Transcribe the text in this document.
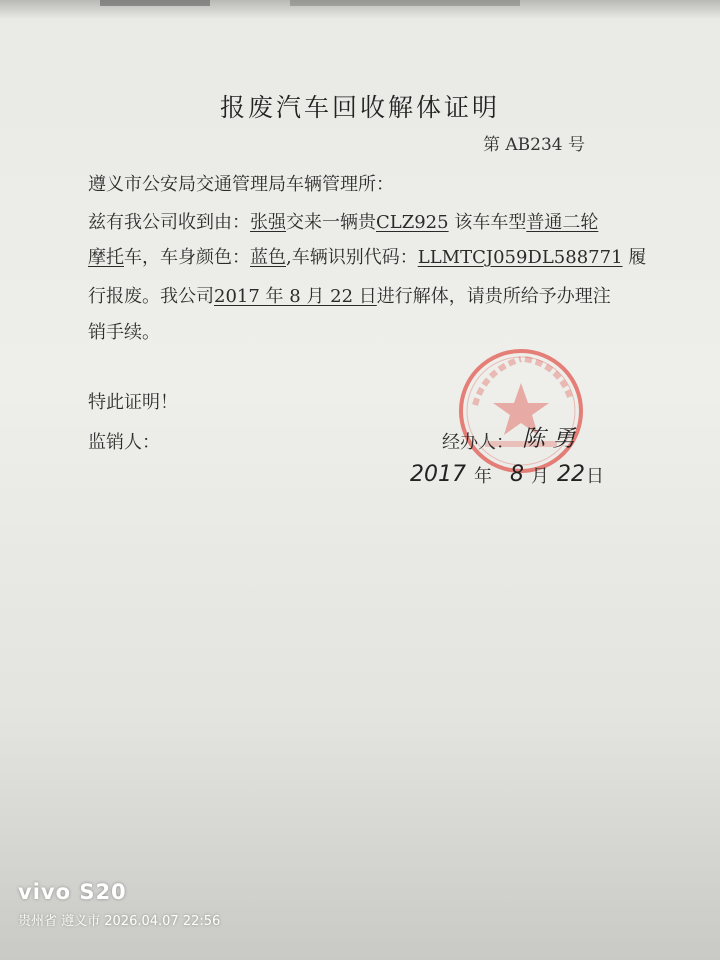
报废汽车回收解体证明
第 AB234 号
遵义市公安局交通管理局车辆管理所：
兹有我公司收到由：张强交来一辆贵CLZ925 该车车型普通二轮
摩托车，车身颜色：蓝色,车辆识别代码：LLMTCJ059DL588771 履
行报废。我公司2017 年 8 月 22 日进行解体，请贵所给予办理注
销手续。
特此证明！
监销人：	经办人： 陈 勇
2017 年 8 月 22 日
vivo S20
贵州省 遵义市 2026.04.07 22:56
